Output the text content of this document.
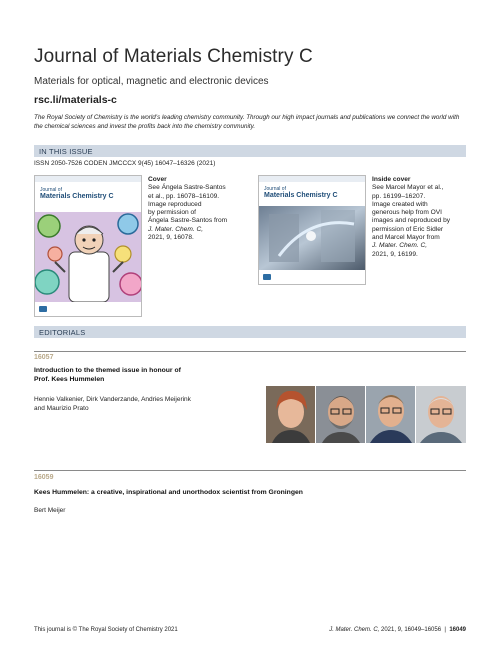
Journal of Materials Chemistry C
Materials for optical, magnetic and electronic devices
rsc.li/materials-c
The Royal Society of Chemistry is the world’s leading chemistry community. Through our high impact journals and publications we connect the world with the chemical sciences and invest the profits back into the chemistry community.
IN THIS ISSUE
ISSN 2050-7526 CODEN JMCCCX 9(45) 16047–16326 (2021)
Journal of
Materials Chemistry C
Cover
See Ángela Sastre-Santos
et al., pp. 16078–16109.
Image reproduced
by permission of
Ángela Sastre-Santos from
J. Mater. Chem. C,
2021, 9, 16078.
Journal of
Materials Chemistry C
Inside cover
See Marcel Mayor et al.,
pp. 16199–16207.
Image created with
generous help from OVI
images and reproduced by
permission of Eric Sidler
and Marcel Mayor from
J. Mater. Chem. C,
2021, 9, 16199.
EDITORIALS
16057
Introduction to the themed issue in honour of
Prof. Kees Hummelen
Hennie Valkenier, Dirk Vanderzande, Andries Meijerink
and Maurizio Prato
16059
Kees Hummelen: a creative, inspirational and unorthodox scientist from Groningen
Bert Meijer
This journal is © The Royal Society of Chemistry 2021	J. Mater. Chem. C, 2021, 9, 16049–16056  |  16049
